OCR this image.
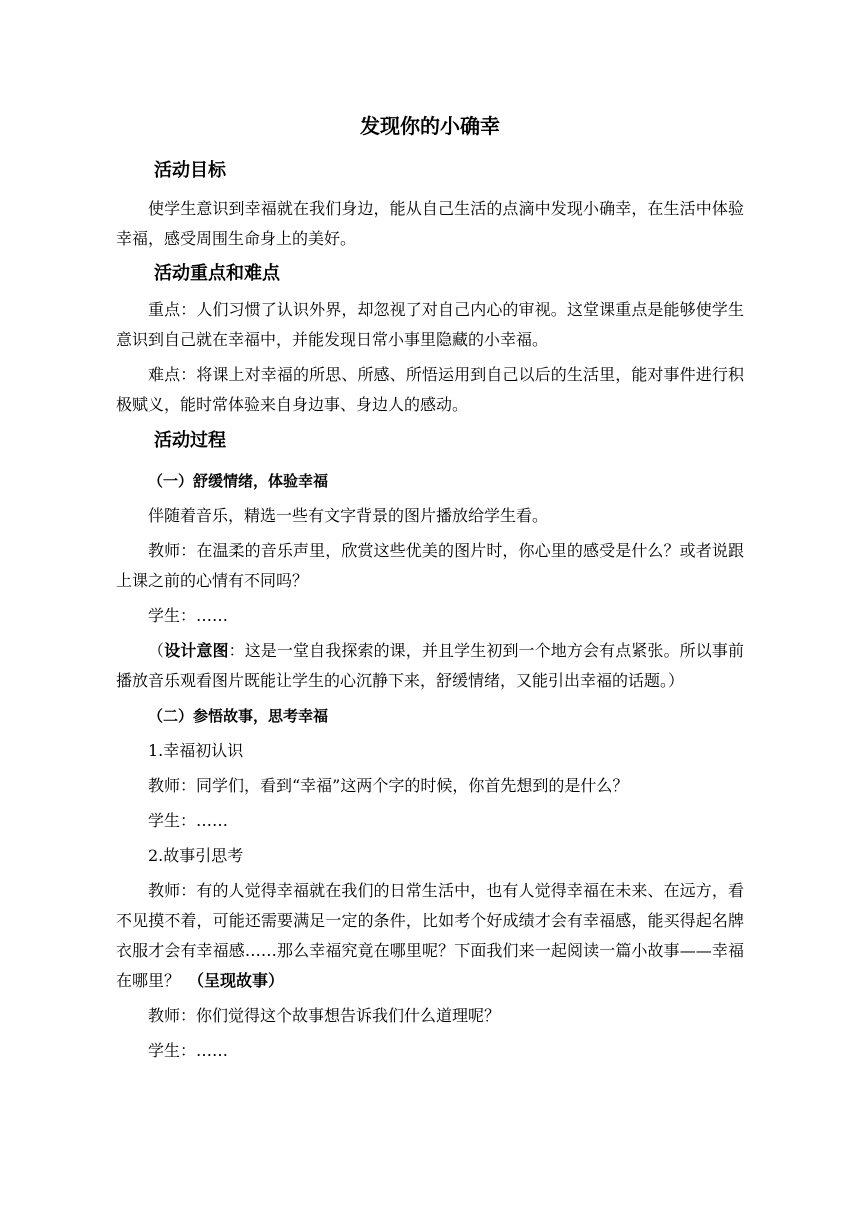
发现你的小确幸
活动目标
使学生意识到幸福就在我们身边，能从自己生活的点滴中发现小确幸，在生活中体验幸福，感受周围生命身上的美好。
活动重点和难点
重点：人们习惯了认识外界，却忽视了对自己内心的审视。这堂课重点是能够使学生意识到自己就在幸福中，并能发现日常小事里隐藏的小幸福。
难点：将课上对幸福的所思、所感、所悟运用到自己以后的生活里，能对事件进行积极赋义，能时常体验来自身边事、身边人的感动。
活动过程
（一）舒缓情绪，体验幸福
伴随着音乐，精选一些有文字背景的图片播放给学生看。
教师：在温柔的音乐声里，欣赏这些优美的图片时，你心里的感受是什么？或者说跟上课之前的心情有不同吗？
学生：……
（设计意图：这是一堂自我探索的课，并且学生初到一个地方会有点紧张。所以事前播放音乐观看图片既能让学生的心沉静下来，舒缓情绪，又能引出幸福的话题。）
（二）参悟故事，思考幸福
1.幸福初认识
教师：同学们，看到“幸福”这两个字的时候，你首先想到的是什么？
学生：……
2.故事引思考
教师：有的人觉得幸福就在我们的日常生活中，也有人觉得幸福在未来、在远方，看不见摸不着，可能还需要满足一定的条件，比如考个好成绩才会有幸福感，能买得起名牌衣服才会有幸福感……那么幸福究竟在哪里呢？下面我们来一起阅读一篇小故事——幸福在哪里？　（呈现故事）
教师：你们觉得这个故事想告诉我们什么道理呢？
学生：……
